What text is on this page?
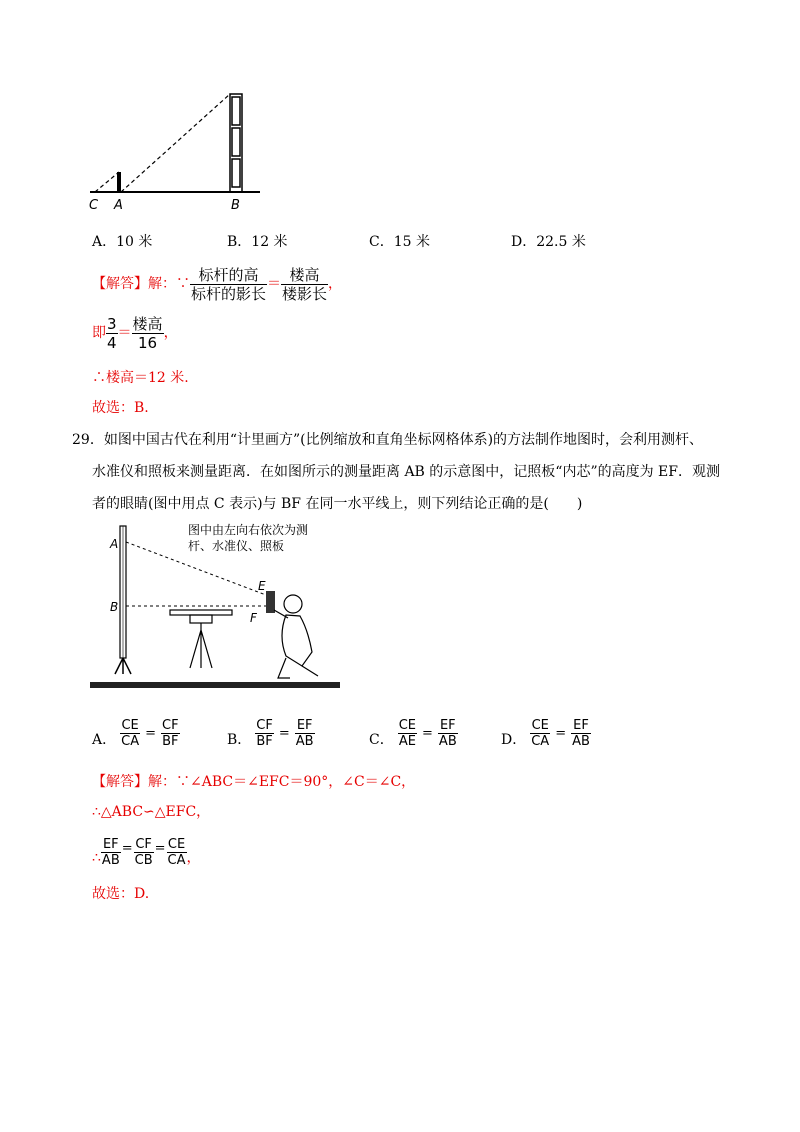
C A	B
A．10 米	B．12 米	C．15 米	D．22.5 米
【解答】解：∵ $\frac{\text{标杆的高}}{\text{标杆的影长}} = \frac{\text{楼高}}{\text{楼影长}}$ ，
即 $\frac{3}{4} = \frac{\text{楼高}}{16}$ ，
∴楼高＝12 米.
故选：B.
29．如图中国古代在利用“计里画方”(比例缩放和直角坐标网格体系)的方法制作地图时，会利用测杆、
水准仪和照板来测量距离．在如图所示的测量距离 AB 的示意图中，记照板“内芯”的高度为 EF．观测
者的眼睛(图中用点 C 表示)与 BF 在同一水平线上，则下列结论正确的是(　　)
图中由左向右依次为测
杆、水准仪、照板
A
B
E
F
A． $\frac{CE}{CA} = \frac{CF}{BF}$	B． $\frac{CF}{BF} = \frac{EF}{AB}$	C． $\frac{CE}{AE} = \frac{EF}{AB}$	D． $\frac{CE}{CA} = \frac{EF}{AB}$
【解答】解：∵∠ABC＝∠EFC＝90°，∠C＝∠C，
∴△ABC∽△EFC，
∴ $\frac{EF}{AB} = \frac{CF}{CB} = \frac{CE}{CA}$ ，
故选：D.
